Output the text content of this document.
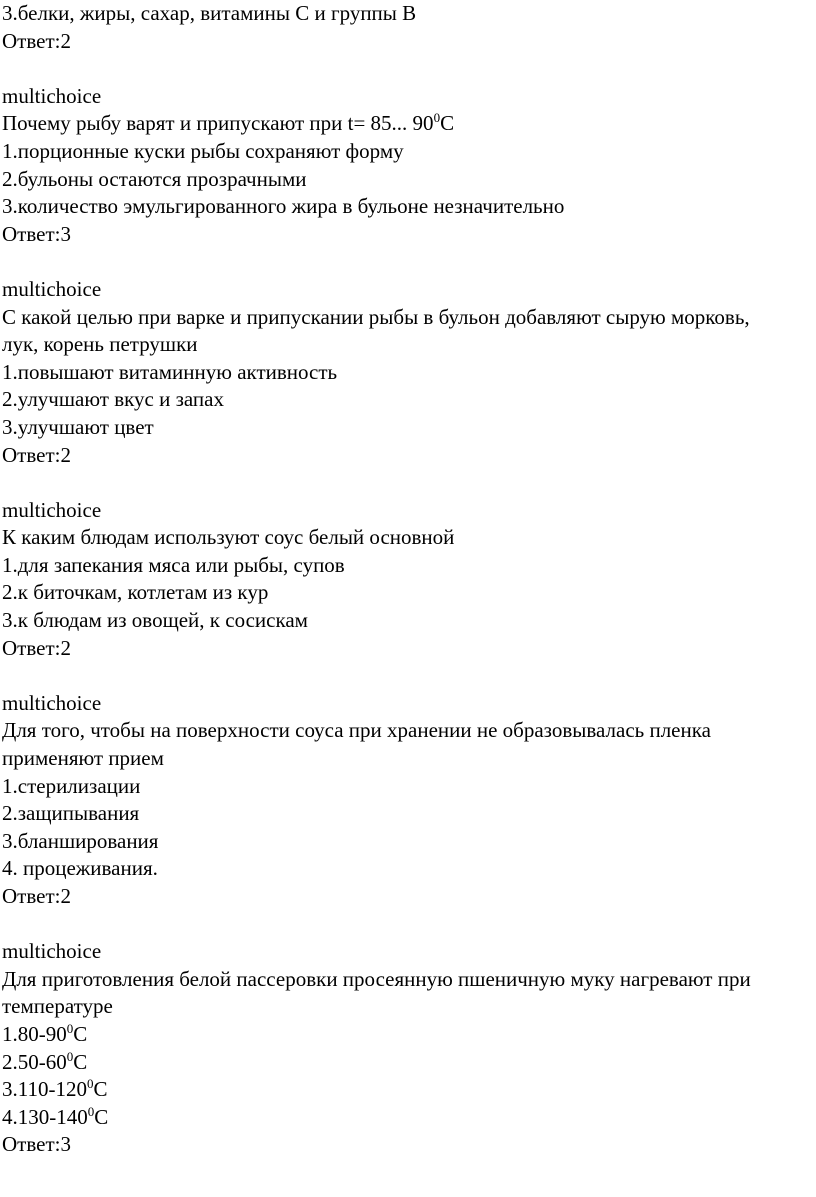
3.белки, жиры, сахар, витамины С и группы В
Ответ:2
multichoice
Почему рыбу варят и припускают при t= 85... $90^0С$
1.порционные куски рыбы сохраняют форму
2.бульоны остаются прозрачными
3.количество эмульгированного жира в бульоне незначительно
Ответ:3
multichoice
С какой целью при варке и припускании рыбы в бульон добавляют сырую морковь,
лук, корень петрушки
1.повышают витаминную активность
2.улучшают вкус и запах
3.улучшают цвет
Ответ:2
multichoice
К каким блюдам используют соус белый основной
1.для запекания мяса или рыбы, супов
2.к биточкам, котлетам из кур
3.к блюдам из овощей, к сосискам
Ответ:2
multichoice
Для того, чтобы на поверхности соуса при хранении не образовывалась пленка
применяют прием
1.стерилизации
2.защипывания
3.бланширования
4. процеживания.
Ответ:2
multichoice
Для приготовления белой пассеровки просеянную пшеничную муку нагревают при
температуре
$1.80-90^0С$
$2.50-60^0С$
$3.110-120^0С$
$4.130-140^0С$
Ответ:3
